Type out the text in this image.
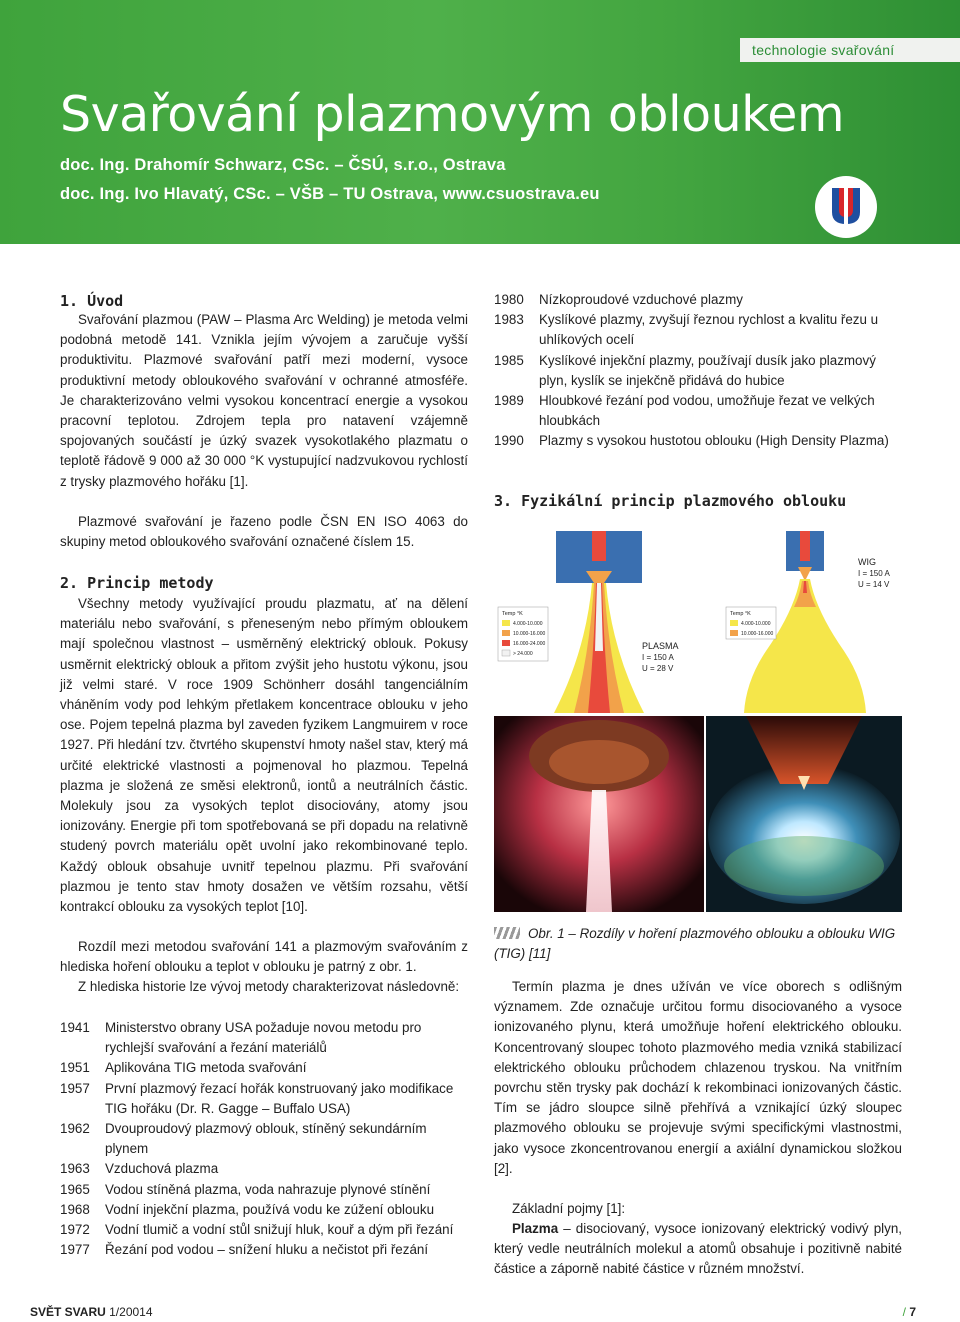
technologie svařování
Svařování plazmovým obloukem
doc. Ing. Drahomír Schwarz, CSc. – ČSÚ, s.r.o., Ostrava
doc. Ing. Ivo Hlavatý, CSc. – VŠB – TU Ostrava, www.csuostrava.eu
1. Úvod
Svařování plazmou (PAW – Plasma Arc Welding) je metoda velmi podobná metodě 141. Vznikla jejím vývojem a zaručuje vyšší produktivitu. Plazmové svařování patří mezi moderní, vysoce produktivní metody obloukového svařování v ochranné atmosféře. Je charakterizováno velmi vysokou koncentrací energie a vysokou pracovní teplotou. Zdrojem tepla pro natavení vzájemně spojovaných součástí je úzký svazek vysokotlakého plazmatu o teplotě řádově 9 000 až 30 000 °K vystupující nadzvukovou rychlostí z trysky plazmového hořáku [1].
Plazmové svařování je řazeno podle ČSN EN ISO 4063 do skupiny metod obloukového svařování označené číslem 15.
2. Princip metody
Všechny metody využívající proudu plazmatu, ať na dělení materiálu nebo svařování, s přeneseným nebo přímým obloukem mají společnou vlastnost – usměrněný elektrický oblouk. Pokusy usměrnit elektrický oblouk a přitom zvýšit jeho hustotu výkonu, jsou již velmi staré. V roce 1909 Schönherr dosáhl tangenciálním vháněním vody pod lehkým přetlakem koncentrace oblouku v jeho ose. Pojem tepelná plazma byl zaveden fyzikem Langmuirem v roce 1927. Při hledání tzv. čtvrtého skupenství hmoty našel stav, který má určité elektrické vlastnosti a pojmenoval ho plazmou. Tepelná plazma je složená ze směsi elektronů, iontů a neutrálních částic. Molekuly jsou za vysokých teplot disociovány, atomy jsou ionizovány. Energie při tom spotřebovaná se při dopadu na relativně studený povrch materiálu opět uvolní jako rekombinované teplo. Každý oblouk obsahuje uvnitř tepelnou plazmu. Při svařování plazmou je tento stav hmoty dosažen ve větším rozsahu, větší kontrakcí oblouku za vysokých teplot [10].
Rozdíl mezi metodou svařování 141 a plazmovým svařováním z hlediska hoření oblouku a teplot v oblouku je patrný z obr. 1.
Z hlediska historie lze vývoj metody charakterizovat následovně:
1941	Ministerstvo obrany USA požaduje novou metodu pro rychlejší svařování a řezání materiálů
1951	Aplikována TIG metoda svařování
1957	První plazmový řezací hořák konstruovaný jako modifikace TIG hořáku (Dr. R. Gagge – Buffalo USA)
1962	Dvouproudový plazmový oblouk, stíněný sekundárním plynem
1963	Vzduchová plazma
1965	Vodou stíněná plazma, voda nahrazuje plynové stínění
1968	Vodní injekční plazma, používá vodu ke zúžení oblouku
1972	Vodní tlumič a vodní stůl snižují hluk, kouř a dým při řezání
1977	Řezání pod vodou – snížení hluku a nečistot při řezání
1980	Nízkoproudové vzduchové plazmy
1983	Kyslíkové plazmy, zvyšují řeznou rychlost a kvalitu řezu u uhlíkových ocelí
1985	Kyslíkové injekční plazmy, používají dusík jako plazmový plyn, kyslík se injekčně přidává do hubice
1989	Hloubkové řezání pod vodou, umožňuje řezat ve velkých hloubkách
1990	Plazmy s vysokou hustotou oblouku (High Density Plazma)
3. Fyzikální princip plazmového oblouku
Temp °K
4.000-10.000
10.000-16.000
16.000-24.000
> 24.000
PLASMA
I = 150 A
U = 28 V
Temp °K
4.000-10.000
10.000-16.000
WIG
I = 150 A
U = 14 V
Obr. 1 – Rozdíly v hoření plazmového oblouku a oblouku WIG (TIG) [11]
Termín plazma je dnes užíván ve více oborech s odlišným významem. Zde označuje určitou formu disociovaného a vysoce ionizovaného plynu, která umožňuje hoření elektrického oblouku. Koncentrovaný sloupec tohoto plazmového media vzniká stabilizací elektrického oblouku průchodem chlazenou tryskou. Na vnitřním povrchu stěn trysky pak dochází k rekombinaci ionizovaných částic. Tím se jádro sloupce silně přehřívá a vznikající úzký sloupec plazmového oblouku se projevuje svými specifickými vlastnostmi, jako vysoce zkoncentrovanou energií a axiální dynamickou složkou [2].
Základní pojmy [1]:
Plazma – disociovaný, vysoce ionizovaný elektrický vodivý plyn, který vedle neutrálních molekul a atomů obsahuje i pozitivně nabité částice a záporně nabité částice v různém množství.
SVĚT SVARU 1/20014	/ 7
